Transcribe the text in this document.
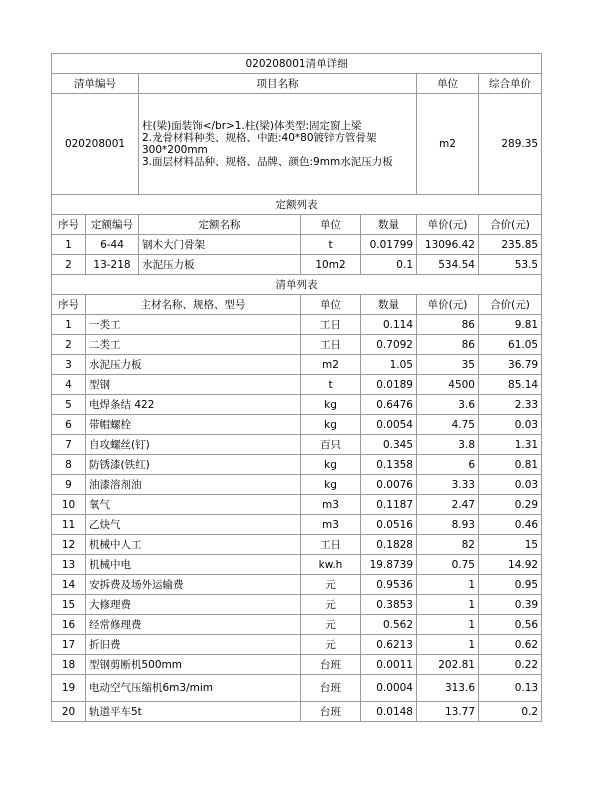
020208001清单详细						
清单编号		项目名称			单位	综合单价
020208001		柱(梁)面装饰</br>1.柱(梁)体类型:固定窗上梁
2.龙骨材料种类、规格、中距:40*80镀锌方管骨架300*200mm
3.面层材料品种、规格、品牌、颜色:9mm水泥压力板			m2	289.35
定额列表						
序号	定额编号	定额名称	单位	数量	单价(元)	合价(元)
1	6-44	钢木大门骨架	t	0.01799	13096.42	235.85
2	13-218	水泥压力板	10m2	0.1	534.54	53.5
清单列表						
序号	主材名称、规格、型号		单位	数量	单价(元)	合价(元)
1	一类工		工日	0.114	86	9.81
2	二类工		工日	0.7092	86	61.05
3	水泥压力板		m2	1.05	35	36.79
4	型钢		t	0.0189	4500	85.14
5	电焊条结 422		kg	0.6476	3.6	2.33
6	带帽螺栓		kg	0.0054	4.75	0.03
7	自攻螺丝(钉)		百只	0.345	3.8	1.31
8	防锈漆(铁红)		kg	0.1358	6	0.81
9	油漆溶剂油		kg	0.0076	3.33	0.03
10	氧气		m3	0.1187	2.47	0.29
11	乙炔气		m3	0.0516	8.93	0.46
12	机械中人工		工日	0.1828	82	15
13	机械中电		kw.h	19.8739	0.75	14.92
14	安拆费及场外运输费		元	0.9536	1	0.95
15	大修理费		元	0.3853	1	0.39
16	经常修理费		元	0.562	1	0.56
17	折旧费		元	0.6213	1	0.62
18	型钢剪断机500mm		台班	0.0011	202.81	0.22
19	电动空气压缩机6m3/mim		台班	0.0004	313.6	0.13
20	轨道平车5t		台班	0.0148	13.77	0.2
